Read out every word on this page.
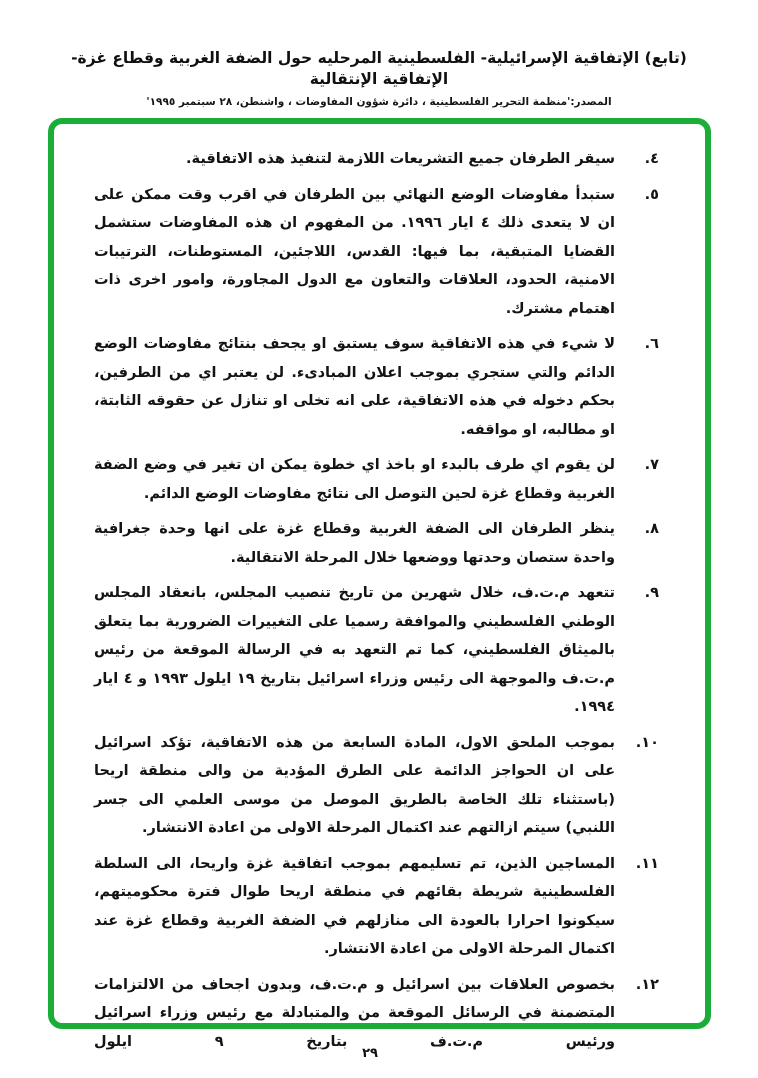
(تابع) الإتفاقية الإسرائيلية- الفلسطينية المرحليه حول الضفة الغربية وقطاع غزة- الإتفاقية الإنتقالية
المصدر:'منظمة التحرير الفلسطينية ، دائرة شؤون المفاوضات ، واشنطن، ٢٨ سبتمبر ١٩٩٥'
٤.
سيقر الطرفان جميع التشريعات اللازمة لتنفيذ هذه الاتفاقية.
٥.
ستبدأ مفاوضات الوضع النهائي بين الطرفان في اقرب وقت ممكن على ان لا يتعدى ذلك ٤ ايار ١٩٩٦. من المفهوم ان هذه المفاوضات ستشمل القضايا المتبقية، بما فيها: القدس، اللاجئين، المستوطنات، الترتيبات الامنية، الحدود، العلاقات والتعاون مع الدول المجاورة، وامور اخرى ذات اهتمام مشترك.
٦.
لا شيء في هذه الاتفاقية سوف يستبق او يجحف بنتائج مفاوضات الوضع الدائم والتي ستجري بموجب اعلان المبادىء. لن يعتبر اي من الطرفين، بحكم دخوله في هذه الاتفاقية، على انه تخلى او تنازل عن حقوقه الثابتة، او مطالبه، او مواقفه.
٧.
لن يقوم اي طرف بالبدء او باخذ اي خطوة يمكن ان تغير في وضع الضفة الغربية وقطاع غزة لحين التوصل الى نتائج مفاوضات الوضع الدائم.
٨.
ينظر الطرفان الى الضفة الغربية وقطاع غزة على انها وحدة جغرافية واحدة ستصان وحدتها ووضعها خلال المرحلة الانتقالية.
٩.
تتعهد م.ت.ف، خلال شهرين من تاريخ تنصيب المجلس، بانعقاد المجلس الوطني الفلسطيني والموافقة رسميا على التغييرات الضرورية بما يتعلق بالميثاق الفلسطيني، كما تم التعهد به في الرسالة الموقعة من رئيس م.ت.ف والموجهة الى رئيس وزراء اسرائيل بتاريخ ١٩ ايلول ١٩٩٣ و ٤ ايار ١٩٩٤.
١٠.
بموجب الملحق الاول، المادة السابعة من هذه الاتفاقية، تؤكد اسرائيل على ان الحواجز الدائمة على الطرق المؤدية من والى منطقة اريحا (باستثناء تلك الخاصة بالطريق الموصل من موسى العلمي الى جسر اللنبي) سيتم ازالتهم عند اكتمال المرحلة الاولى من اعادة الانتشار.
١١.
المساجين الذين، تم تسليمهم بموجب اتفاقية غزة واريحا، الى السلطة الفلسطينية شريطة بقائهم في منطقة اريحا طوال فترة محكوميتهم، سيكونوا احرارا بالعودة الى منازلهم في الضفة الغربية وقطاع غزة عند اكتمال المرحلة الاولى من اعادة الانتشار.
١٢.
بخصوص العلاقات بين اسرائيل و م.ت.ف، وبدون اجحاف من الالتزامات المتضمنة في الرسائل الموقعة من والمتبادلة مع رئيس وزراء اسرائيل ورئيس م.ت.ف بتاريخ ٩ ايلول
٢٩
